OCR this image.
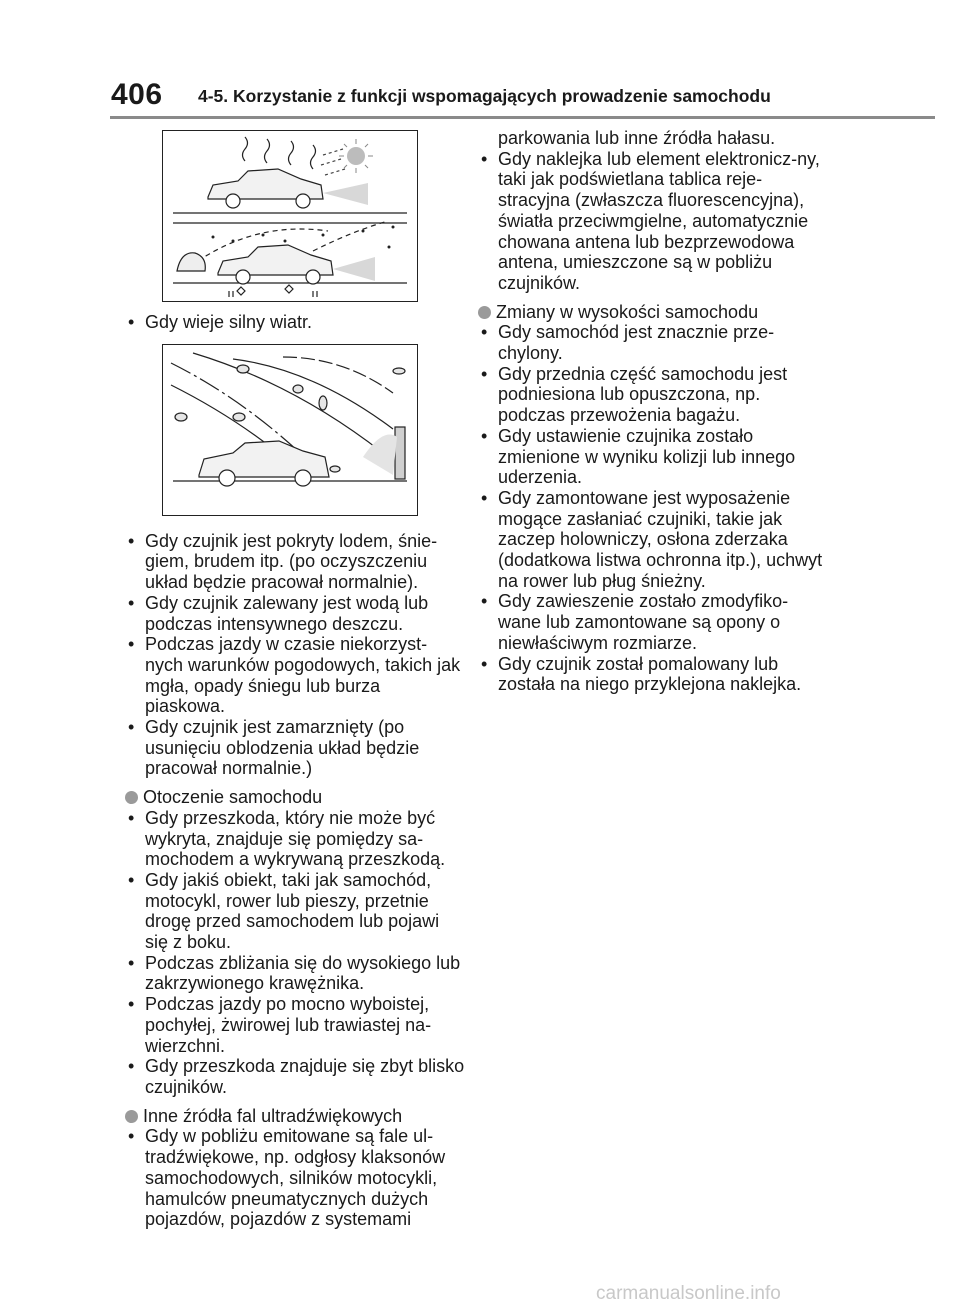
406 4-5. Korzystanie z funkcji wspomagających prowadzenie samochodu
• Gdy wieje silny wiatr.
• Gdy czujnik jest pokryty lodem, śnie-giem, brudem itp. (po oczyszczeniu układ będzie pracował normalnie).
• Gdy czujnik zalewany jest wodą lub podczas intensywnego deszczu.
• Podczas jazdy w czasie niekorzyst-nych warunków pogodowych, takich jak mgła, opady śniegu lub burza piaskowa.
• Gdy czujnik jest zamarznięty (po usunięciu oblodzenia układ będzie pracował normalnie.)
Otoczenie samochodu
• Gdy przeszkoda, który nie może być wykryta, znajduje się pomiędzy sa-mochodem a wykrywaną przeszkodą.
• Gdy jakiś obiekt, taki jak samochód, motocykl, rower lub pieszy, przetnie drogę przed samochodem lub pojawi się z boku.
• Podczas zbliżania się do wysokiego lub zakrzywionego krawężnika.
• Podczas jazdy po mocno wyboistej, pochyłej, żwirowej lub trawiastej na-wierzchni.
• Gdy przeszkoda znajduje się zbyt blisko czujników.
Inne źródła fal ultradźwiękowych
• Gdy w pobliżu emitowane są fale ul-tradźwiękowe, np. odgłosy klaksonów samochodowych, silników motocykli, hamulców pneumatycznych dużych pojazdów, pojazdów z systemami
parkowania lub inne źródła hałasu.
• Gdy naklejka lub element elektronicz-ny, taki jak podświetlana tablica reje-stracyjna (zwłaszcza fluorescencyjna), światła przeciwmgielne, automatycznie chowana antena lub bezprzewodowa antena, umieszczone są w pobliżu czujników.
Zmiany w wysokości samochodu
• Gdy samochód jest znacznie prze-chylony.
• Gdy przednia część samochodu jest podniesiona lub opuszczona, np. podczas przewożenia bagażu.
• Gdy ustawienie czujnika zostało zmienione w wyniku kolizji lub innego uderzenia.
• Gdy zamontowane jest wyposażenie mogące zasłaniać czujniki, takie jak zaczep holowniczy, osłona zderzaka (dodatkowa listwa ochronna itp.), uchwyt na rower lub pług śnieżny.
• Gdy zawieszenie zostało zmodyfiko-wane lub zamontowane są opony o niewłaściwym rozmiarze.
• Gdy czujnik został pomalowany lub została na niego przyklejona naklejka.
carmanualsonline.info
